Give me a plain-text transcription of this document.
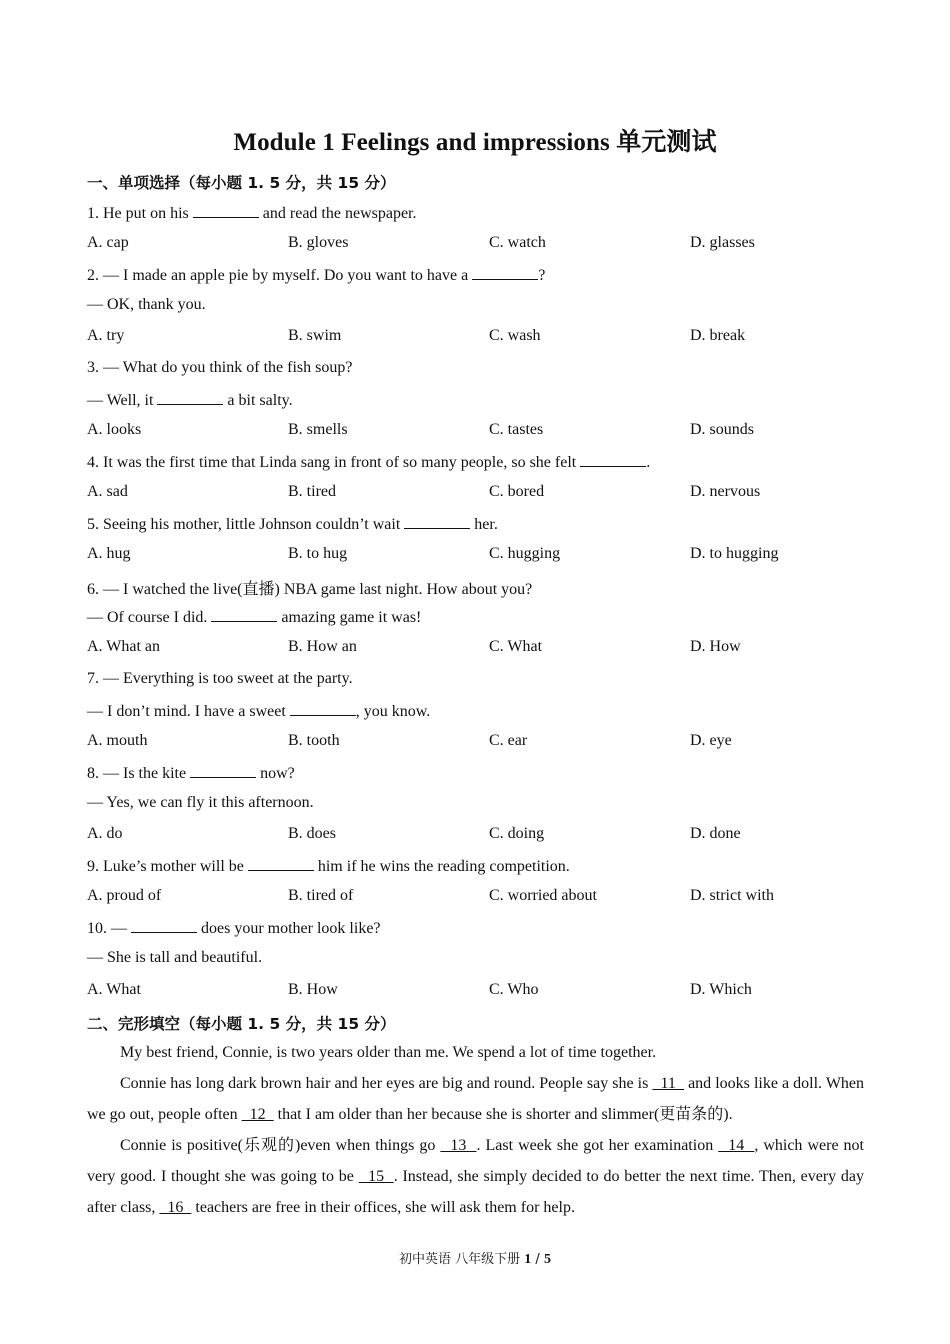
Module 1 Feelings and impressions 单元测试
一、单项选择（每小题 1. 5 分，共 15 分）
1. He put on his	and read the newspaper.
A. cap	B. gloves	C. watch	D. glasses
2. — I made an apple pie by myself. Do you want to have a	?
— OK, thank you.
A. try	B. swim	C. wash	D. break
3. — What do you think of the fish soup?
— Well, it	a bit salty.
A. looks	B. smells	C. tastes	D. sounds
4. It was the first time that Linda sang in front of so many people, so she felt	.
A. sad	B. tired	C. bored	D. nervous
5. Seeing his mother, little Johnson couldn’t wait	her.
A. hug	B. to hug	C. hugging	D. to hugging
6. — I watched the live(直播) NBA game last night. How about you?
— Of course I did.	amazing game it was!
A. What an	B. How an	C. What	D. How
7. — Everything is too sweet at the party.
— I don’t mind. I have a sweet	, you know.
A. mouth	B. tooth	C. ear	D. eye
8. — Is the kite	now?
— Yes, we can fly it this afternoon.
A. do	B. does	C. doing	D. done
9. Luke’s mother will be	him if he wins the reading competition.
A. proud of	B. tired of	C. worried about	D. strict with
10. —	does your mother look like?
— She is tall and beautiful.
A. What	B. How	C. Who	D. Which
二、完形填空（每小题 1. 5 分，共 15 分）
My best friend, Connie, is two years older than me. We spend a lot of time together.
Connie has long dark brown hair and her eyes are big and round. People say she is   11   and looks like a doll. When we go out, people often   12   that I am older than her because she is shorter and slimmer(更苗条的).
Connie is positive(乐观的)even when things go   13  . Last week she got her examination   14  , which were not very good. I thought she was going to be   15  . Instead, she simply decided to do better the next time. Then, every day after class,   16   teachers are free in their offices, she will ask them for help.
初中英语 八年级下册 1 / 5
